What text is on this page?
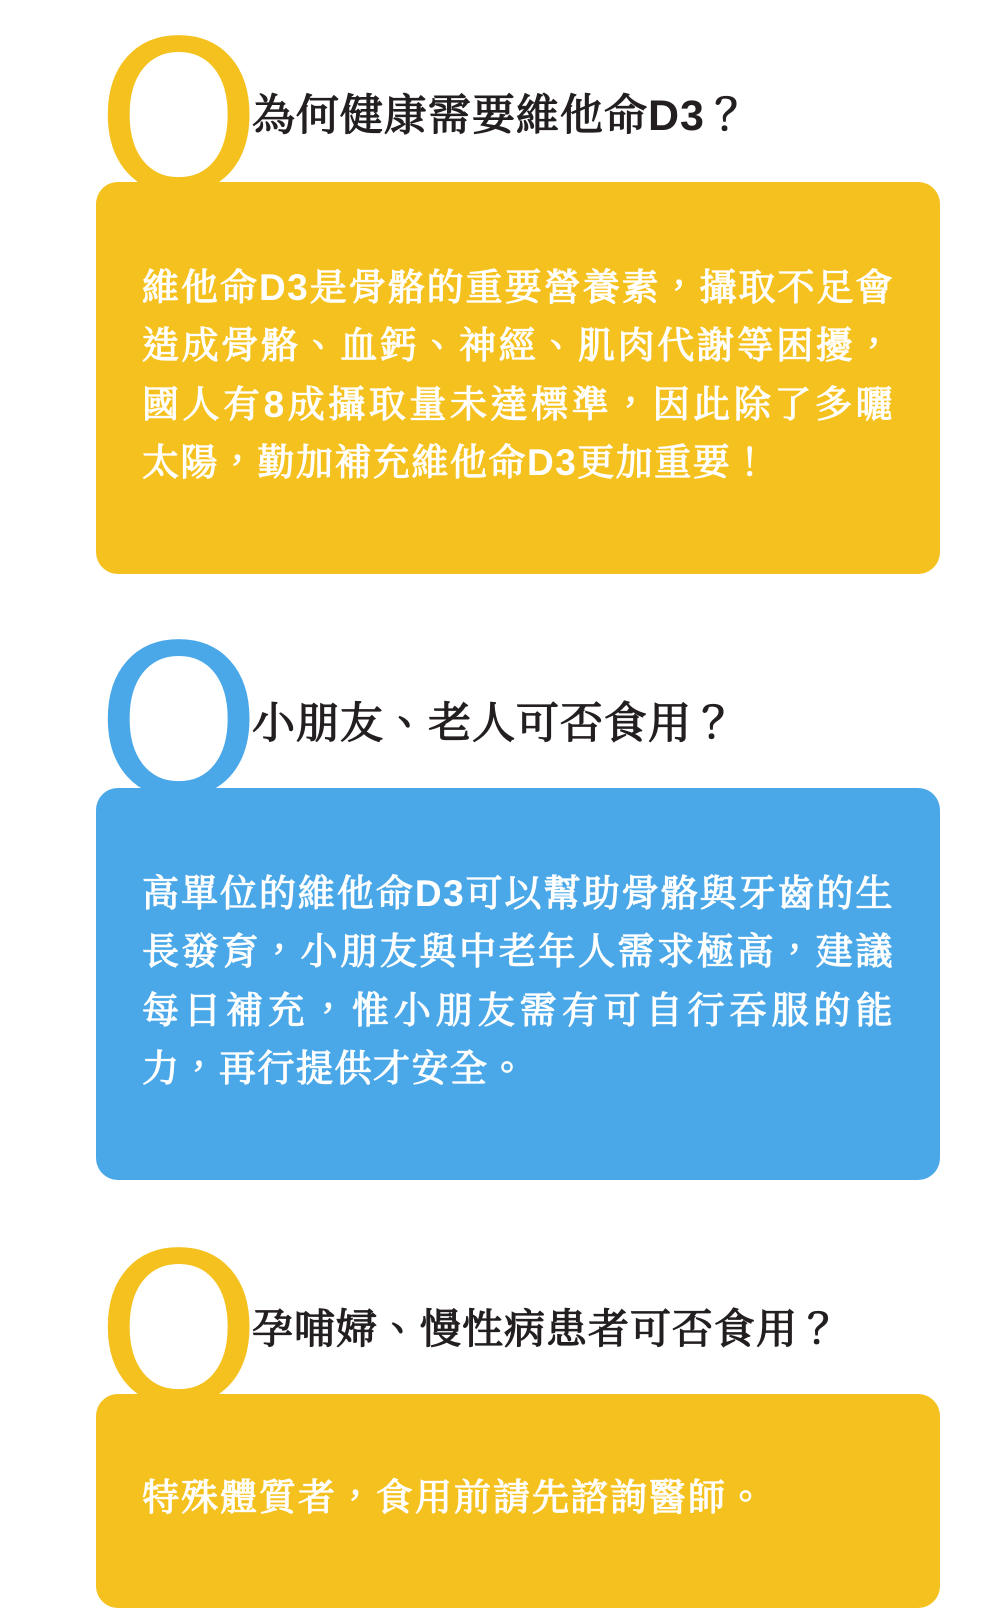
Q
為何健康需要維他命D3？

維他命D3是骨骼的重要營養素，攝取不足會造成骨骼、血鈣、神經、肌肉代謝等困擾，國人有8成攝取量未達標準，因此除了多曬太陽，勤加補充維他命D3更加重要！

Q
小朋友、老人可否食用？

高單位的維他命D3可以幫助骨骼與牙齒的生長發育，小朋友與中老年人需求極高，建議每日補充，惟小朋友需有可自行吞服的能力，再行提供才安全。

Q
孕哺婦、慢性病患者可否食用？

特殊體質者，食用前請先諮詢醫師。
